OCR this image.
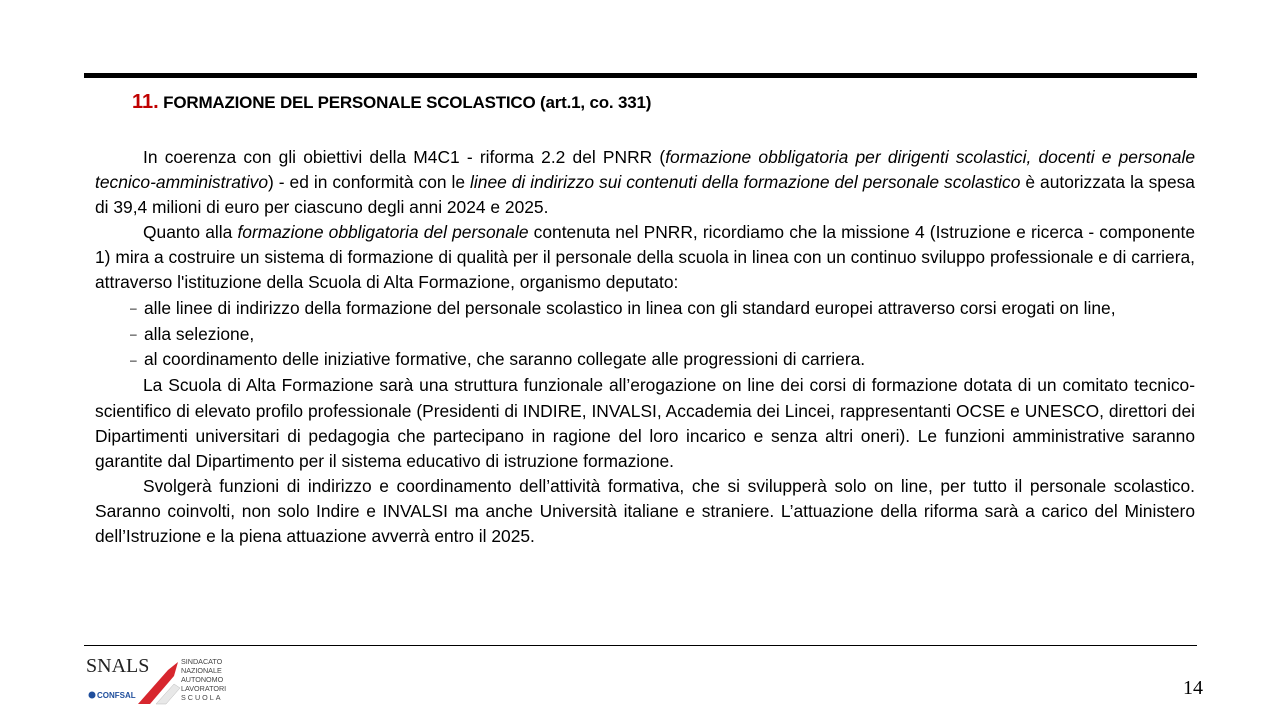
11. FORMAZIONE DEL PERSONALE SCOLASTICO (art.1, co. 331)

In coerenza con gli obiettivi della M4C1 - riforma 2.2 del PNRR (formazione obbligatoria per dirigenti scolastici, docenti e personale tecnico-amministrativo) - ed in conformità con le linee di indirizzo sui contenuti della formazione del personale scolastico è autorizzata la spesa di 39,4 milioni di euro per ciascuno degli anni 2024 e 2025.

Quanto alla formazione obbligatoria del personale contenuta nel PNRR, ricordiamo che la missione 4 (Istruzione e ricerca - componente 1) mira a costruire un sistema di formazione di qualità per il personale della scuola in linea con un continuo sviluppo professionale e di carriera, attraverso l'istituzione della Scuola di Alta Formazione, organismo deputato:

– alle linee di indirizzo della formazione del personale scolastico in linea con gli standard europei attraverso corsi erogati on line,
– alla selezione,
– al coordinamento delle iniziative formative, che saranno collegate alle progressioni di carriera.

La Scuola di Alta Formazione sarà una struttura funzionale all’erogazione on line dei corsi di formazione dotata di un comitato tecnico-scientifico di elevato profilo professionale (Presidenti di INDIRE, INVALSI, Accademia dei Lincei, rappresentanti OCSE e UNESCO, direttori dei Dipartimenti universitari di pedagogia che partecipano in ragione del loro incarico e senza altri oneri). Le funzioni amministrative saranno garantite dal Dipartimento per il sistema educativo di istruzione formazione.

Svolgerà funzioni di indirizzo e coordinamento dell’attività formativa, che si svilupperà solo on line, per tutto il personale scolastico. Saranno coinvolti, non solo Indire e INVALSI ma anche Università italiane e straniere. L’attuazione della riforma sarà a carico del Ministero dell’Istruzione e la piena attuazione avverrà entro il 2025.

SNALS
CONFSAL
SINDACATO
NAZIONALE
AUTONOMO
LAVORATORI
SCUOLA	14
